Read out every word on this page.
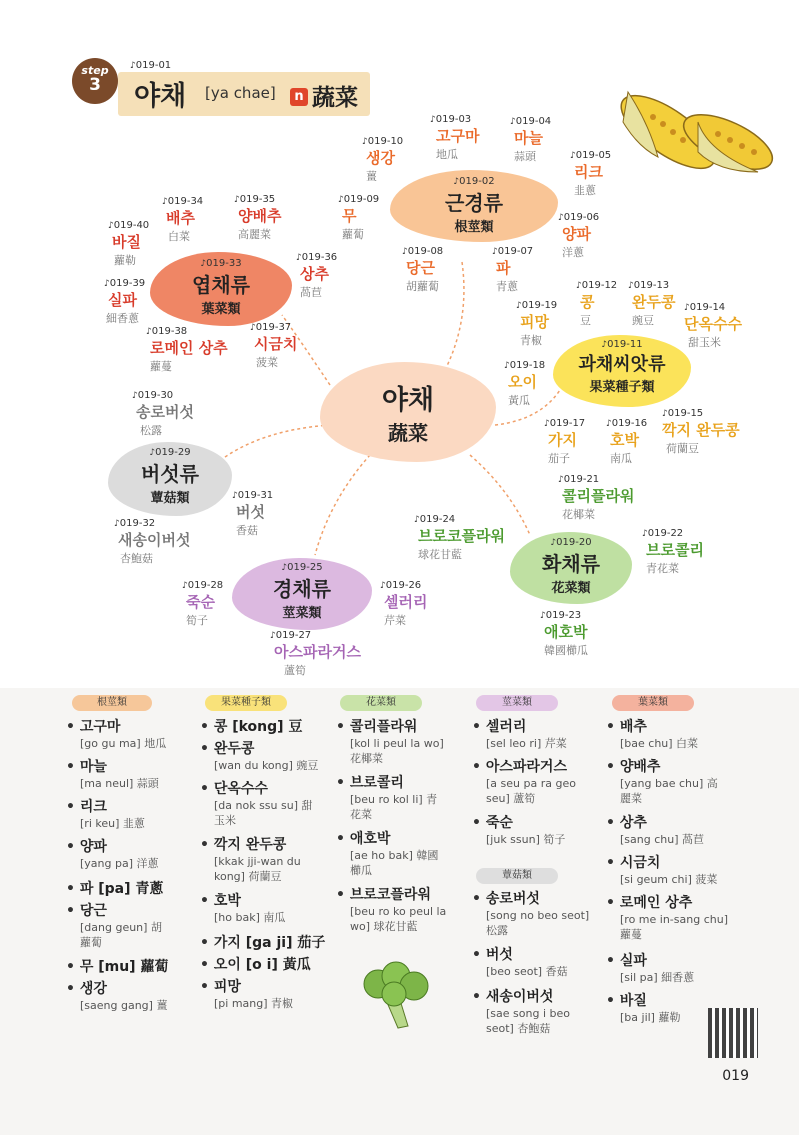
step
3
♪ 019-01
야채 [ya chae]	n 蔬菜
야채
蔬菜
♪ 019-02
근경류
根莖類
♪ 019-33
엽채류
葉菜類
♪ 019-11
과채씨앗류
果菜種子類
♪ 019-29
버섯류
蕈菇類
♪ 019-25
경채류
莖菜類
♪ 019-20
화채류
花菜類
♪ 019-03
고구마
地瓜
♪ 019-04
마늘
蒜頭
♪	019-05
리크
韭蔥
♪ 019-06
양파
洋蔥
♪ 019-07
파
青蔥
♪ 019-08
당근
胡蘿蔔
♪ 019-09
무
蘿蔔
♪ 019-10
생강
薑
♪ 019-12
콩
豆
♪ 019-13
완두콩
豌豆
♪ 019-14
단옥수수
甜玉米
♪ 019-15
깍지 완두콩
荷蘭豆
♪ 019-16
호박
南瓜
♪ 019-17
가지
茄子
♪ 019-18
오이
黃瓜
♪ 019-19
피망
青椒
♪ 019-21
콜리플라워
花椰菜
♪ 019-22
브로콜리
青花菜
♪ 019-23
애호박
韓國櫛瓜
♪ 019-24
브로코플라워
球花甘藍
♪ 019-26
셀러리
芹菜
♪ 019-27
아스파라거스
蘆筍
♪ 019-28
죽순
筍子
♪ 019-30
송로버섯
松露
♪ 019-31
버섯
香菇
♪ 019-32
새송이버섯
杏鮑菇
♪ 019-34
배추
白菜
♪ 019-35
양배추
高麗菜
♪ 019-36
상추
萵苣
♪ 019-37
시금치
菠菜
♪ 019-38
로메인 상추
蘿蔓
♪ 019-39
실파
細香蔥
♪ 019-40
바질
蘿勒
根莖類
• 고구마
[go gu ma] 地瓜
• 마늘
[ma neul] 蒜頭
• 리크
[ri keu] 韭蔥
• 양파
[yang pa] 洋蔥
• 파 [pa] 青蔥
• 당근
[dang geun] 胡蘿蔔
• 무 [mu] 蘿蔔
• 생강
[saeng gang] 薑
果菜種子類
• 콩 [kong] 豆
• 완두콩
[wan du kong] 豌豆
• 단옥수수
[da nok ssu su] 甜玉米
• 깍지 완두콩
[kkak jji-wan du kong] 荷蘭豆
• 호박
[ho bak] 南瓜
• 가지 [ga ji] 茄子
• 오이 [o i] 黃瓜
• 피망
[pi mang] 青椒
花菜類
• 콜리플라워
[kol li peul la wo] 花椰菜
• 브로콜리
[beu ro kol li] 青花菜
• 애호박
[ae ho bak] 韓國櫛瓜
• 브로코플라워
[beu ro ko peul la wo] 球花甘藍
莖菜類
• 셀러리
[sel leo ri] 芹菜
• 아스파라거스
[a seu pa ra geo seu] 蘆筍
• 죽순
[juk ssun] 筍子
蕈菇類
• 송로버섯
[song no beo seot] 松露
• 버섯
[beo seot] 香菇
• 새송이버섯
[sae song i beo seot] 杏鮑菇
葉菜類
• 배추
[bae chu] 白菜
• 양배추
[yang bae chu] 高麗菜
• 상추
[sang chu] 萵苣
• 시금치
[si geum chi] 菠菜
• 로메인 상추
[ro me in-sang chu] 蘿蔓
• 실파
[sil pa] 細香蔥
• 바질
[ba jil] 蘿勒
019
